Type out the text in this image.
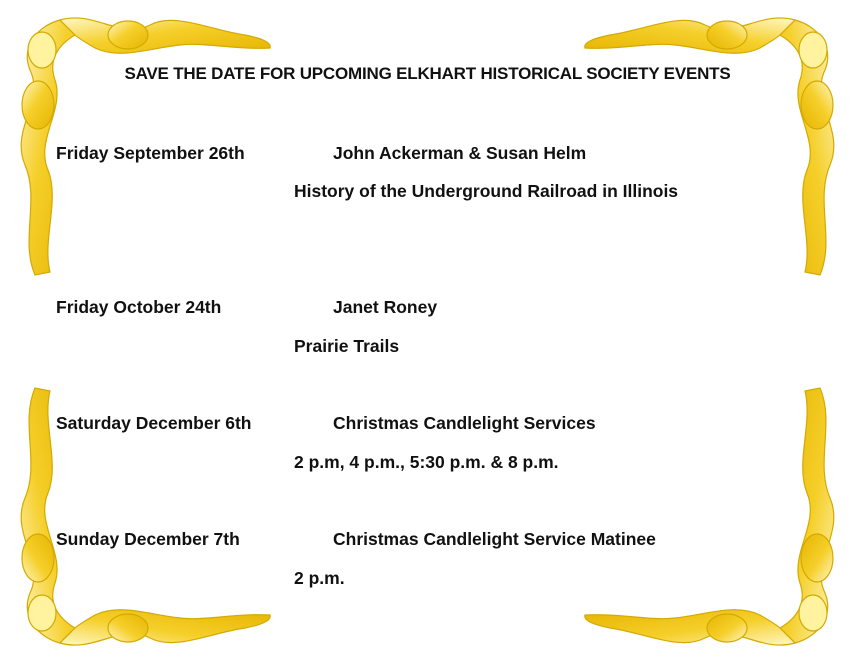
SAVE THE DATE FOR UPCOMING ELKHART HISTORICAL SOCIETY EVENTS
Friday September 26th	John Ackerman & Susan Helm
History of the Underground Railroad in Illinois
Friday October 24th	Janet Roney
Prairie Trails
Saturday December 6th	Christmas Candlelight Services
2 p.m, 4 p.m., 5:30 p.m. & 8 p.m.
Sunday December 7th	Christmas Candlelight Service Matinee
2 p.m.
